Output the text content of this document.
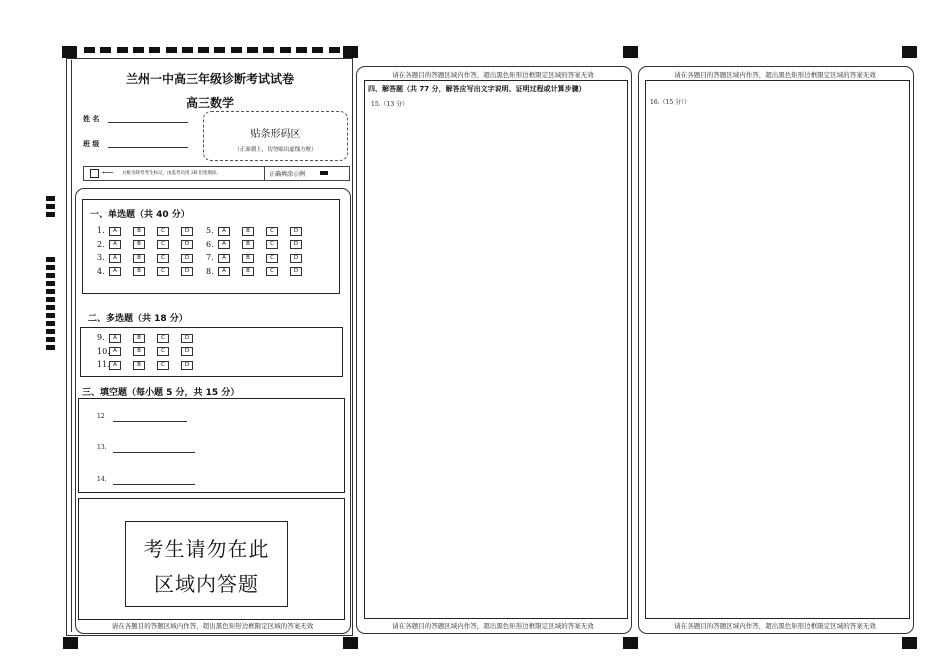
兰州一中高三年级诊断考试试卷
高三数学
姓 名
班 级
贴条形码区
（正面朝上，切勿贴出虚线方框）
⟵ 方框为缺考考生标记，由监考员用 2B 铅笔填涂。	正确填涂示例
一、单选题（共 40 分）
1. A	B	C	D
2. A	B	C	D
3. A	B	C	D
4. A	B	C	D
5. A	B	C	D
6. A	B	C	D
7. A	B	C	D
8. A	B	C	D
二、多选题（共 18 分）
9. A	B	C	D
10. A	B	C	D
11. A	B	C	D
三、填空题（每小题 5 分，共 15 分）
12
13.
14.
考生请勿在此
区域内答题
请在各题目的答题区域内作答，超出黑色矩形边框限定区域的答案无效
请在各题目的答题区域内作答，超出黑色矩形边框限定区域的答案无效
四、解答题（共 77 分，解答应写出文字说明、证明过程或计算步骤）
15.（13 分）
请在各题目的答题区域内作答，超出黑色矩形边框限定区域的答案无效
请在各题目的答题区域内作答，超出黑色矩形边框限定区域的答案无效
16.（15 分））
请在各题目的答题区域内作答，超出黑色矩形边框限定区域的答案无效
